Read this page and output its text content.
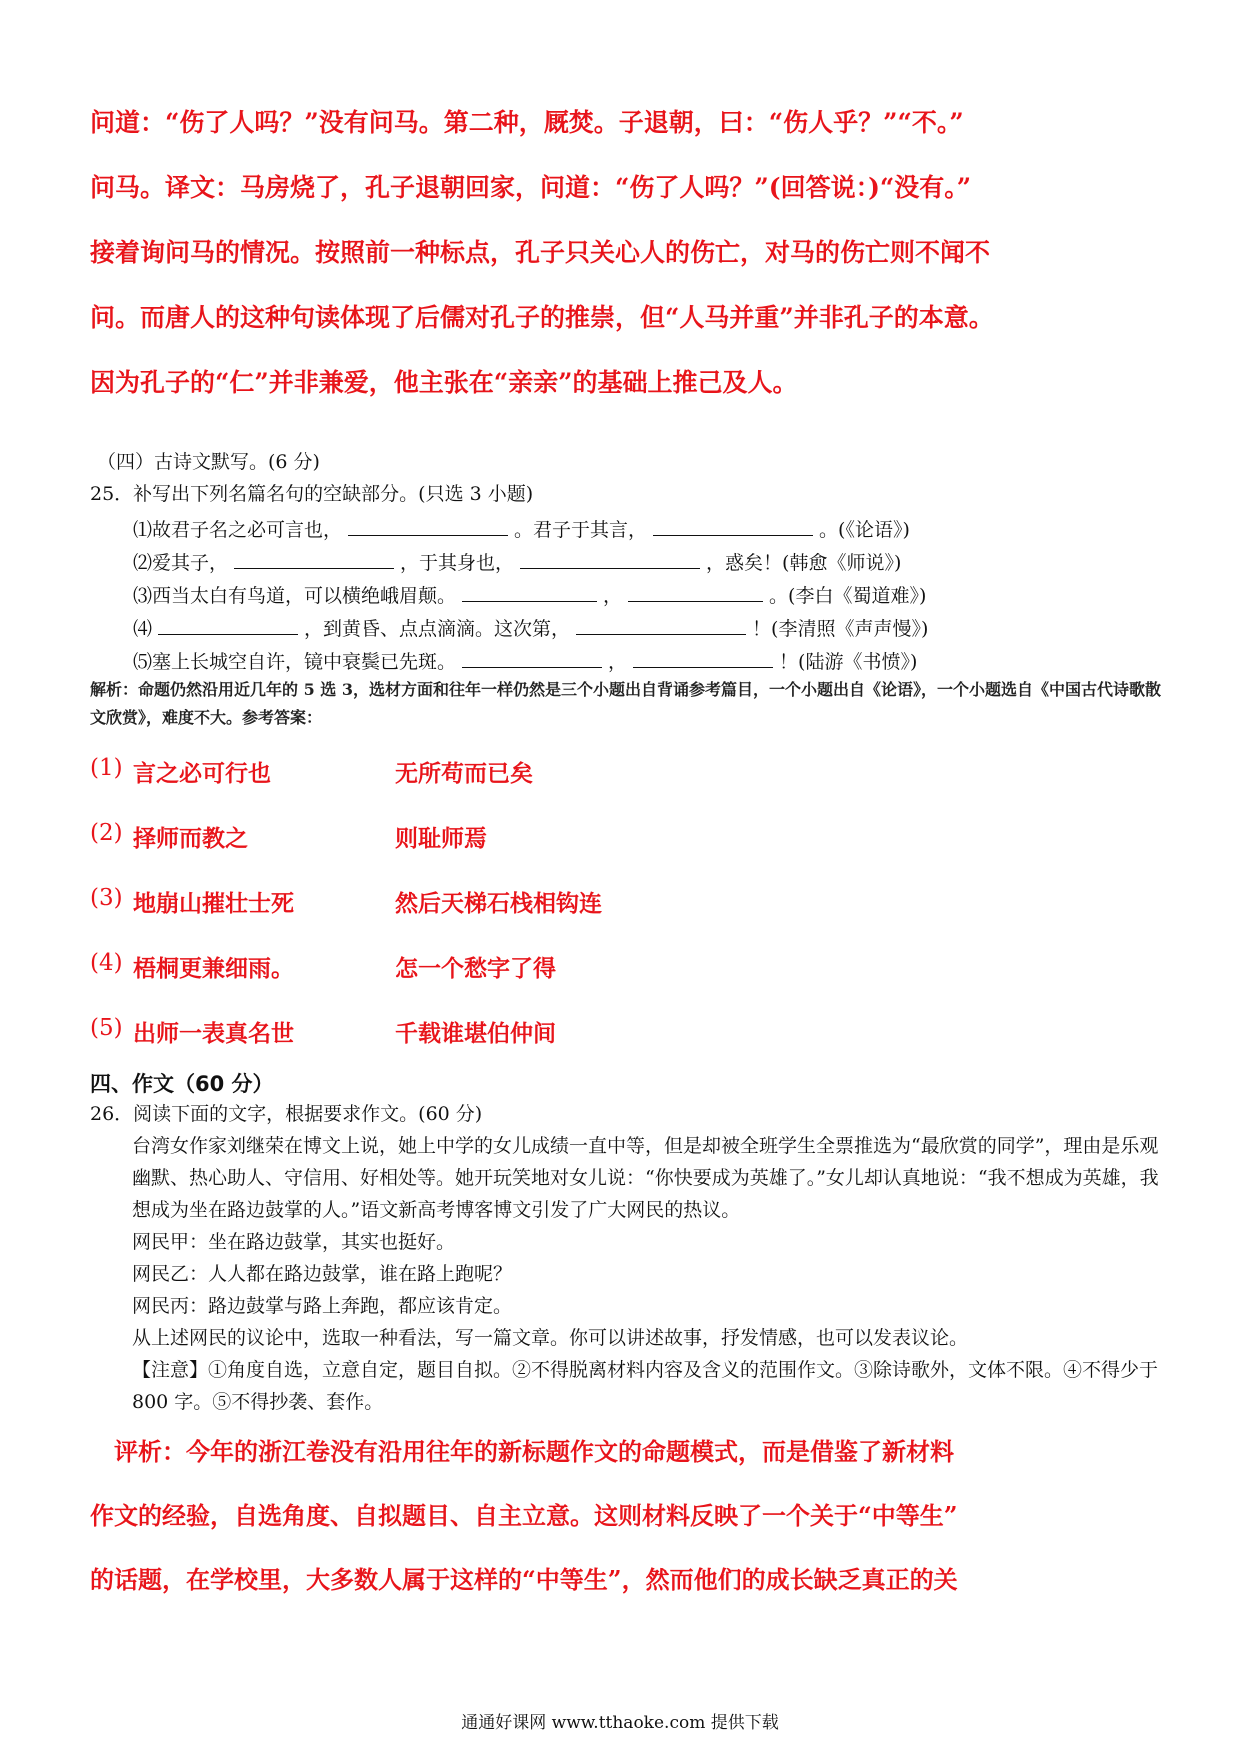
问道：“伤了人吗？”没有问马。第二种，厩焚。子退朝，曰：“伤人乎？”“不。”
问马。译文：马房烧了，孔子退朝回家，问道：“伤了人吗？”(回答说：)“没有。”
接着询问马的情况。按照前一种标点，孔子只关心人的伤亡，对马的伤亡则不闻不
问。而唐人的这种句读体现了后儒对孔子的推崇，但“人马并重”并非孔子的本意。
因为孔子的“仁”并非兼爱，他主张在“亲亲”的基础上推己及人。
（四）古诗文默写。(6 分)
25．补写出下列名篇名句的空缺部分。(只选 3 小题)
⑴故君子名之必可言也，	。君子于其言，	。(《论语》)
⑵爱其子，	，于其身也，	，惑矣！(韩愈《师说》)
⑶西当太白有鸟道，可以横绝峨眉颠。	，	。(李白《蜀道难》)
⑷	，到黄昏、点点滴滴。这次第，	！(李清照《声声慢》)
⑸塞上长城空自许，镜中衰鬓已先斑。	，	！(陆游《书愤》)
解析：命题仍然沿用近几年的 5 选 3，选材方面和往年一样仍然是三个小题出自背诵参考篇目，一个小题出自《论语》，一个小题选自《中国古代诗歌散文欣赏》，难度不大。参考答案：
(1) 言之必可行也	无所苟而已矣
(2) 择师而教之	则耻师焉
(3) 地崩山摧壮士死	然后天梯石栈相钩连
(4) 梧桐更兼细雨。	怎一个愁字了得
(5) 出师一表真名世	千载谁堪伯仲间
四、作文（60 分）

26．阅读下面的文字，根据要求作文。(60 分)

台湾女作家刘继荣在博文上说，她上中学的女儿成绩一直中等，但是却被全班学生全票推选为“最欣赏的同学”，理由是乐观幽默、热心助人、守信用、好相处等。她开玩笑地对女儿说：“你快要成为英雄了。”女儿却认真地说：“我不想成为英雄，我想成为坐在路边鼓掌的人。”语文新高考博客博文引发了广大网民的热议。

网民甲：坐在路边鼓掌，其实也挺好。

网民乙：人人都在路边鼓掌，谁在路上跑呢？

网民丙：路边鼓掌与路上奔跑，都应该肯定。

从上述网民的议论中，选取一种看法，写一篇文章。你可以讲述故事，抒发情感，也可以发表议论。

【注意】①角度自选，立意自定，题目自拟。②不得脱离材料内容及含义的范围作文。③除诗歌外，文体不限。④不得少于 800 字。⑤不得抄袭、套作。

　评析：今年的浙江卷没有沿用往年的新标题作文的命题模式，而是借鉴了新材料
作文的经验，自选角度、自拟题目、自主立意。这则材料反映了一个关于“中等生”
的话题，在学校里，大多数人属于这样的“中等生”，然而他们的成长缺乏真正的关
通通好课网 www.tthaoke.com 提供下载
